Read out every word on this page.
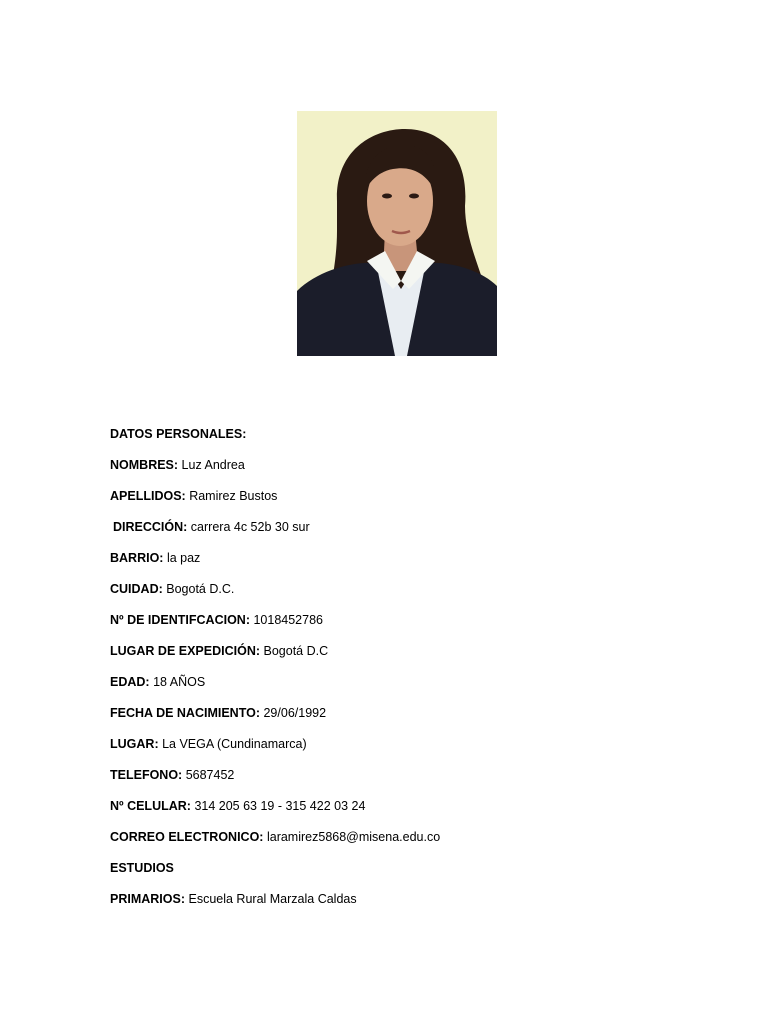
DATOS PERSONALES:
NOMBRES: Luz Andrea
APELLIDOS: Ramirez Bustos
DIRECCIÓN: carrera 4c 52b 30 sur
BARRIO: la paz
CUIDAD: Bogotá D.C.
Nº DE IDENTIFCACION: 1018452786
LUGAR DE EXPEDICIÓN: Bogotá D.C
EDAD: 18 AÑOS
FECHA DE NACIMIENTO: 29/06/1992
LUGAR: La VEGA (Cundinamarca)
TELEFONO: 5687452
Nº CELULAR: 314 205 63 19 - 315 422 03 24
CORREO ELECTRONICO: laramirez5868@misena.edu.co
ESTUDIOS
PRIMARIOS: Escuela Rural Marzala Caldas
